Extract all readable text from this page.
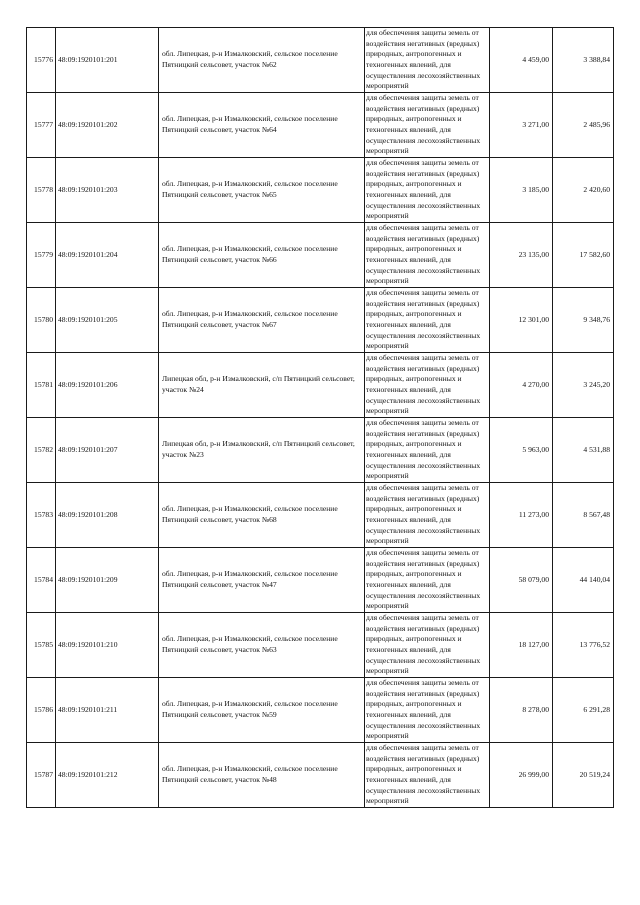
15776	48:09:1920101:201	обл. Липецкая, р-н Измалковский, сельское поселение Пятницкий сельсовет, участок №62	для обеспечения защиты земель от воздействия негативных (вредных) природных, антропогенных и техногенных явлений, для осуществления лесохозяйственных мероприятий	4 459,00	3 388,84
15777	48:09:1920101:202	обл. Липецкая, р-н Измалковский, сельское поселение Пятницкий сельсовет, участок №64	для обеспечения защиты земель от воздействия негативных (вредных) природных, антропогенных и техногенных явлений, для осуществления лесохозяйственных мероприятий	3 271,00	2 485,96
15778	48:09:1920101:203	обл. Липецкая, р-н Измалковский, сельское поселение Пятницкий сельсовет, участок №65	для обеспечения защиты земель от воздействия негативных (вредных) природных, антропогенных и техногенных явлений, для осуществления лесохозяйственных мероприятий	3 185,00	2 420,60
15779	48:09:1920101:204	обл. Липецкая, р-н Измалковский, сельское поселение Пятницкий сельсовет, участок №66	для обеспечения защиты земель от воздействия негативных (вредных) природных, антропогенных и техногенных явлений, для осуществления лесохозяйственных мероприятий	23 135,00	17 582,60
15780	48:09:1920101:205	обл. Липецкая, р-н Измалковский, сельское поселение Пятницкий сельсовет, участок №67	для обеспечения защиты земель от воздействия негативных (вредных) природных, антропогенных и техногенных явлений, для осуществления лесохозяйственных мероприятий	12 301,00	9 348,76
15781	48:09:1920101:206	Липецкая обл, р-н Измалковский, с/п Пятницкий сельсовет, участок №24	для обеспечения защиты земель от воздействия негативных (вредных) природных, антропогенных и техногенных явлений, для осуществления лесохозяйственных мероприятий	4 270,00	3 245,20
15782	48:09:1920101:207	Липецкая обл, р-н Измалковский, с/п Пятницкий сельсовет, участок №23	для обеспечения защиты земель от воздействия негативных (вредных) природных, антропогенных и техногенных явлений, для осуществления лесохозяйственных мероприятий	5 963,00	4 531,88
15783	48:09:1920101:208	обл. Липецкая, р-н Измалковский, сельское поселение Пятницкий сельсовет, участок №68	для обеспечения защиты земель от воздействия негативных (вредных) природных, антропогенных и техногенных явлений, для осуществления лесохозяйственных мероприятий	11 273,00	8 567,48
15784	48:09:1920101:209	обл. Липецкая, р-н Измалковский, сельское поселение Пятницкий сельсовет, участок №47	для обеспечения защиты земель от воздействия негативных (вредных) природных, антропогенных и техногенных явлений, для осуществления лесохозяйственных мероприятий	58 079,00	44 140,04
15785	48:09:1920101:210	обл. Липецкая, р-н Измалковский, сельское поселение Пятницкий сельсовет, участок №63	для обеспечения защиты земель от воздействия негативных (вредных) природных, антропогенных и техногенных явлений, для осуществления лесохозяйственных мероприятий	18 127,00	13 776,52
15786	48:09:1920101:211	обл. Липецкая, р-н Измалковский, сельское поселение Пятницкий сельсовет, участок №59	для обеспечения защиты земель от воздействия негативных (вредных) природных, антропогенных и техногенных явлений, для осуществления лесохозяйственных мероприятий	8 278,00	6 291,28
15787	48:09:1920101:212	обл. Липецкая, р-н Измалковский, сельское поселение Пятницкий сельсовет, участок №48	для обеспечения защиты земель от воздействия негативных (вредных) природных, антропогенных и техногенных явлений, для осуществления лесохозяйственных мероприятий	26 999,00	20 519,24
